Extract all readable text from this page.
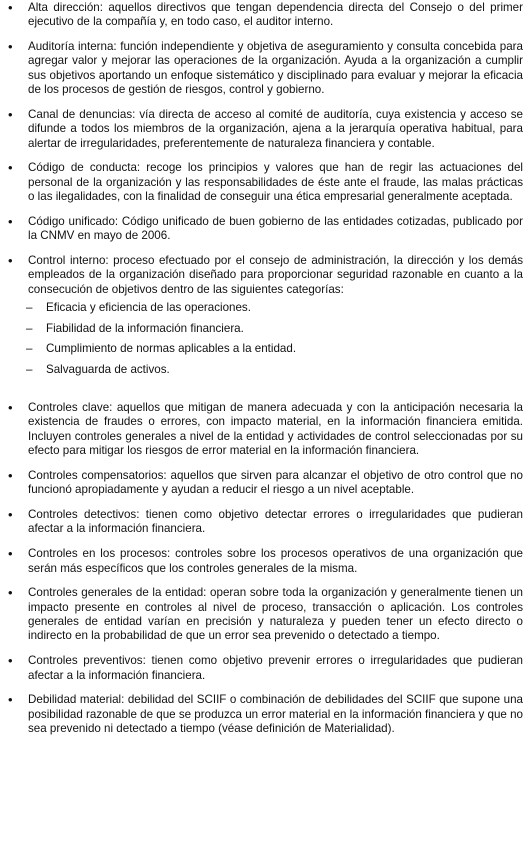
•	Alta dirección: aquellos directivos que tengan dependencia directa del Consejo o del primer ejecutivo de la compañía y, en todo caso, el auditor interno.
•	Auditoría interna: función independiente y objetiva de aseguramiento y consulta concebida para agregar valor y mejorar las operaciones de la organización. Ayuda a la organización a cumplir sus objetivos aportando un enfoque sistemático y disciplinado para evaluar y mejorar la eficacia de los procesos de gestión de riesgos, control y gobierno.
•	Canal de denuncias: vía directa de acceso al comité de auditoría, cuya existencia y acceso se difunde a todos los miembros de la organización, ajena a la jerarquía operativa habitual, para alertar de irregularidades, preferentemente de naturaleza financiera y contable.
•	Código de conducta: recoge los principios y valores que han de regir las actuaciones del personal de la organización y las responsabilidades de éste ante el fraude, las malas prácticas o las ilegalidades, con la finalidad de conseguir una ética empresarial generalmente aceptada.
•	Código unificado: Código unificado de buen gobierno de las entidades cotizadas, publicado por la CNMV en mayo de 2006.
•	Control interno: proceso efectuado por el consejo de administración, la dirección y los demás empleados de la organización diseñado para proporcionar seguridad razonable en cuanto a la consecución de objetivos dentro de las siguientes categorías:
– Eficacia y eficiencia de las operaciones.
– Fiabilidad de la información financiera.
– Cumplimiento de normas aplicables a la entidad.
– Salvaguarda de activos.
•	Controles clave: aquellos que mitigan de manera adecuada y con la anticipación necesaria la existencia de fraudes o errores, con impacto material, en la información financiera emitida. Incluyen controles generales a nivel de la entidad y actividades de control seleccionadas por su efecto para mitigar los riesgos de error material en la información financiera.
•	Controles compensatorios: aquellos que sirven para alcanzar el objetivo de otro control que no funcionó apropiadamente y ayudan a reducir el riesgo a un nivel aceptable.
•	Controles detectivos: tienen como objetivo detectar errores o irregularidades que pudieran afectar a la información financiera.
•	Controles en los procesos: controles sobre los procesos operativos de una organización que serán más específicos que los controles generales de la misma.
•	Controles generales de la entidad: operan sobre toda la organización y generalmente tienen un impacto presente en controles al nivel de proceso, transacción o aplicación. Los controles generales de entidad varían en precisión y naturaleza y pueden tener un efecto directo o indirecto en la probabilidad de que un error sea prevenido o detectado a tiempo.
•	Controles preventivos: tienen como objetivo prevenir errores o irregularidades que pudieran afectar a la información financiera.
•	Debilidad material: debilidad del SCIIF o combinación de debilidades del SCIIF que supone una posibilidad razonable de que se produzca un error material en la información financiera y que no sea prevenido ni detectado a tiempo (véase definición de Materialidad).
